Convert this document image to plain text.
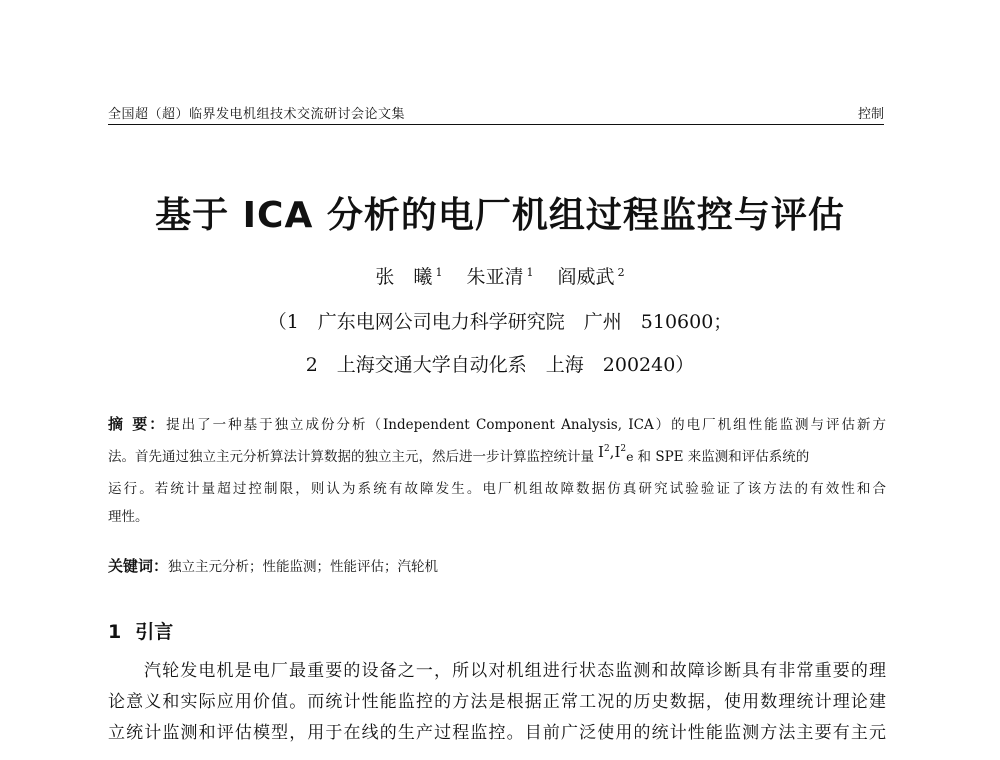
全国超（超）临界发电机组技术交流研讨会论文集	控制
基于 ICA 分析的电厂机组过程监控与评估
张　曦 $^1$ 朱亚清 $^1$ 阎威武 $^2$
（1　广东电网公司电力科学研究院　广州　510600；
2　上海交通大学自动化系　上海　200240）
摘 要：提出了一种基于独立成份分析（Independent Component Analysis, ICA）的电厂机组性能监测与评估新方
法。首先通过独立主元分析算法计算数据的独立主元，然后进一步计算监控统计量 $I^2,I^2_e$ 和 SPE 来监测和评估系统的
运行。若统计量超过控制限，则认为系统有故障发生。电厂机组故障数据仿真研究试验验证了该方法的有效性和合
理性。
关键词：独立主元分析；性能监测；性能评估；汽轮机
1 引言
汽轮发电机是电厂最重要的设备之一，所以对机组进行状态监测和故障诊断具有非常重要的理
论意义和实际应用价值。而统计性能监控的方法是根据正常工况的历史数据，使用数理统计理论建
立统计监测和评估模型，用于在线的生产过程监控。目前广泛使用的统计性能监测方法主要有主元
